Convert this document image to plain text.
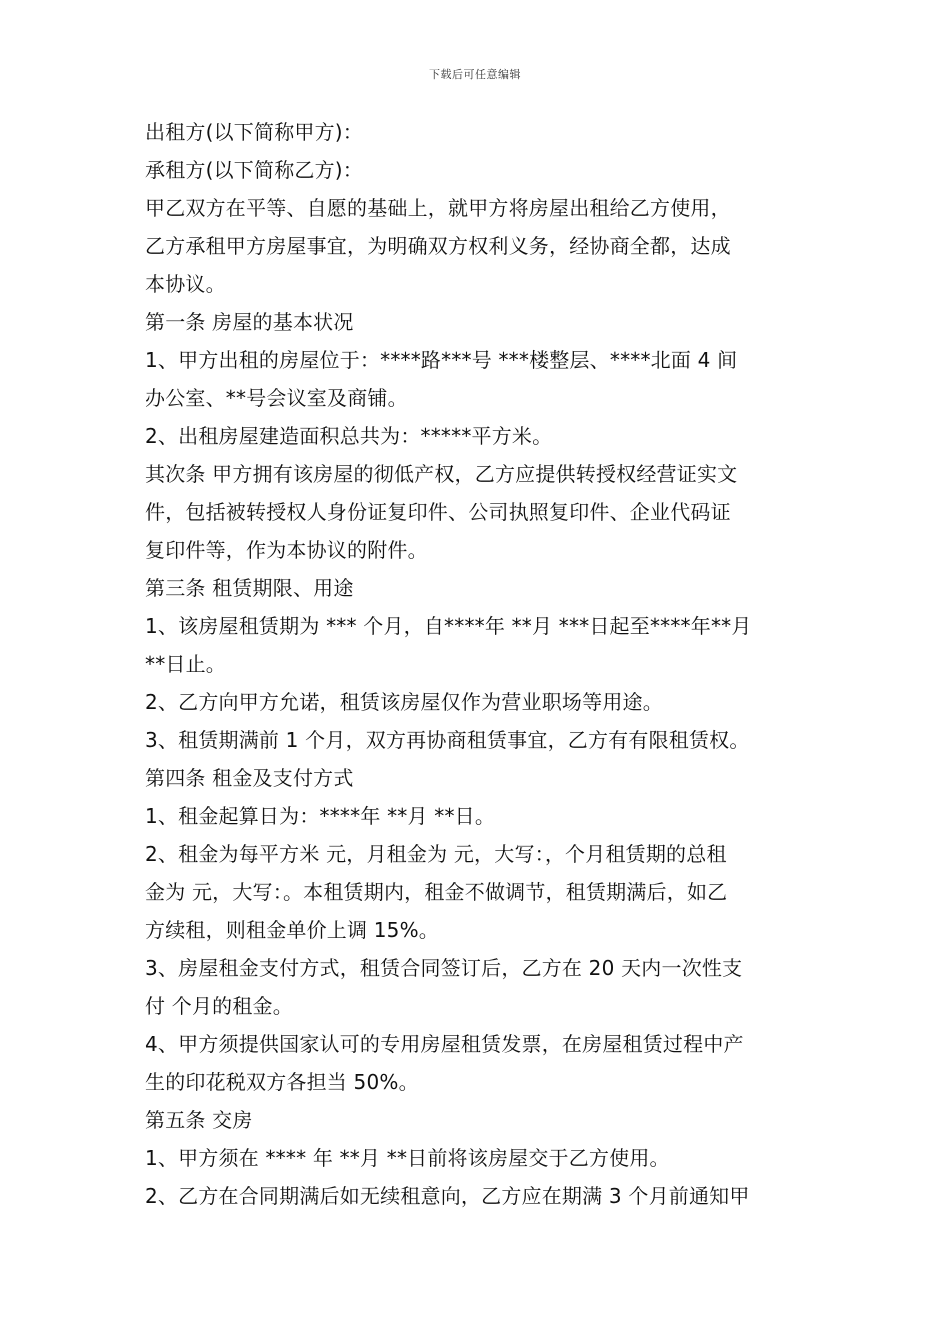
下载后可任意编辑
出租方(以下简称甲方)：
承租方(以下简称乙方)：
甲乙双方在平等、自愿的基础上，就甲方将房屋出租给乙方使用，
乙方承租甲方房屋事宜，为明确双方权利义务，经协商全都，达成
本协议。
第一条 房屋的基本状况
1、甲方出租的房屋位于：****路***号 ***楼整层、****北面 4 间
办公室、**号会议室及商铺。
2、出租房屋建造面积总共为：*****平方米。
其次条 甲方拥有该房屋的彻低产权，乙方应提供转授权经营证实文
件，包括被转授权人身份证复印件、公司执照复印件、企业代码证
复印件等，作为本协议的附件。
第三条 租赁期限、用途
1、该房屋租赁期为 *** 个月，自****年 **月 ***日起至****年**月
**日止。
2、乙方向甲方允诺，租赁该房屋仅作为营业职场等用途。
3、租赁期满前 1 个月，双方再协商租赁事宜，乙方有有限租赁权。
第四条 租金及支付方式
1、租金起算日为：****年 **月 **日。
2、租金为每平方米 元，月租金为 元，大写：，个月租赁期的总租
金为 元，大写：。本租赁期内，租金不做调节，租赁期满后，如乙
方续租，则租金单价上调 15%。
3、房屋租金支付方式，租赁合同签订后，乙方在 20 天内一次性支
付 个月的租金。
4、甲方须提供国家认可的专用房屋租赁发票，在房屋租赁过程中产
生的印花税双方各担当 50%。
第五条 交房
1、甲方须在 **** 年 **月 **日前将该房屋交于乙方使用。
2、乙方在合同期满后如无续租意向，乙方应在期满 3 个月前通知甲
